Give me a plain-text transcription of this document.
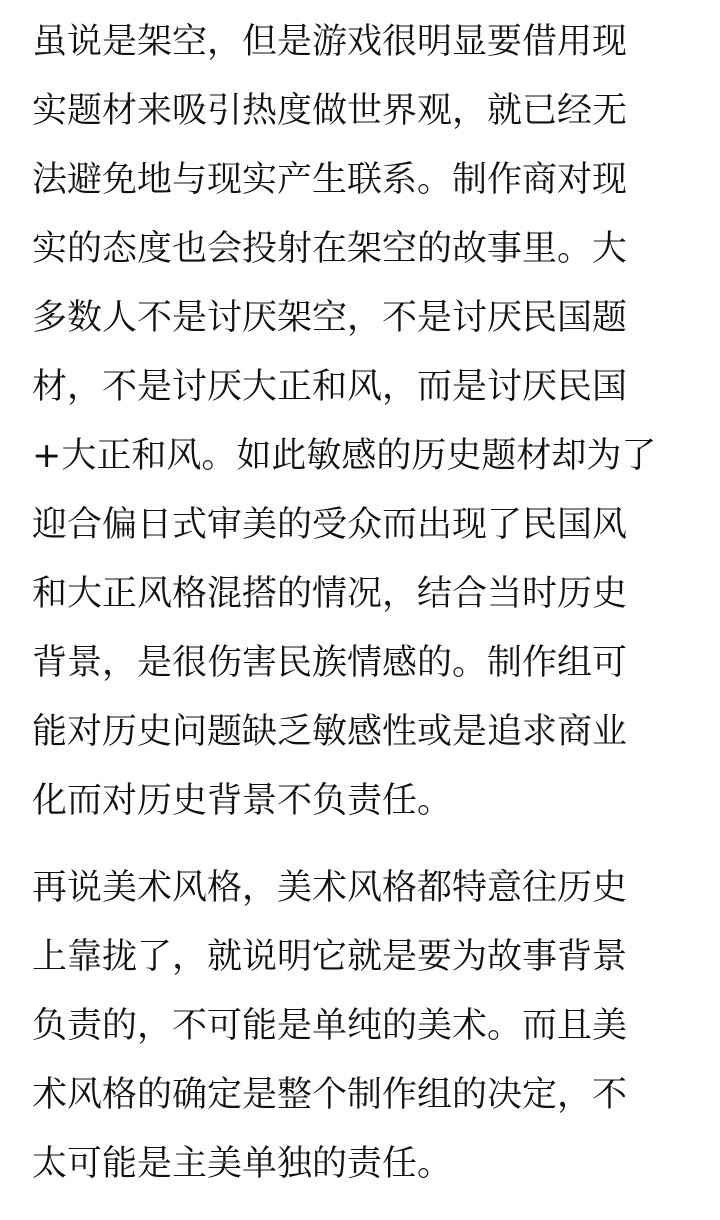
虽说是架空，但是游戏很明显要借用现
实题材来吸引热度做世界观，就已经无
法避免地与现实产生联系。制作商对现
实的态度也会投射在架空的故事里。大
多数人不是讨厌架空，不是讨厌民国题
材，不是讨厌大正和风，而是讨厌民国
+大正和风。如此敏感的历史题材却为了
迎合偏日式审美的受众而出现了民国风
和大正风格混搭的情况，结合当时历史
背景，是很伤害民族情感的。制作组可
能对历史问题缺乏敏感性或是追求商业
化而对历史背景不负责任。
再说美术风格，美术风格都特意往历史
上靠拢了，就说明它就是要为故事背景
负责的，不可能是单纯的美术。而且美
术风格的确定是整个制作组的决定，不
太可能是主美单独的责任。
